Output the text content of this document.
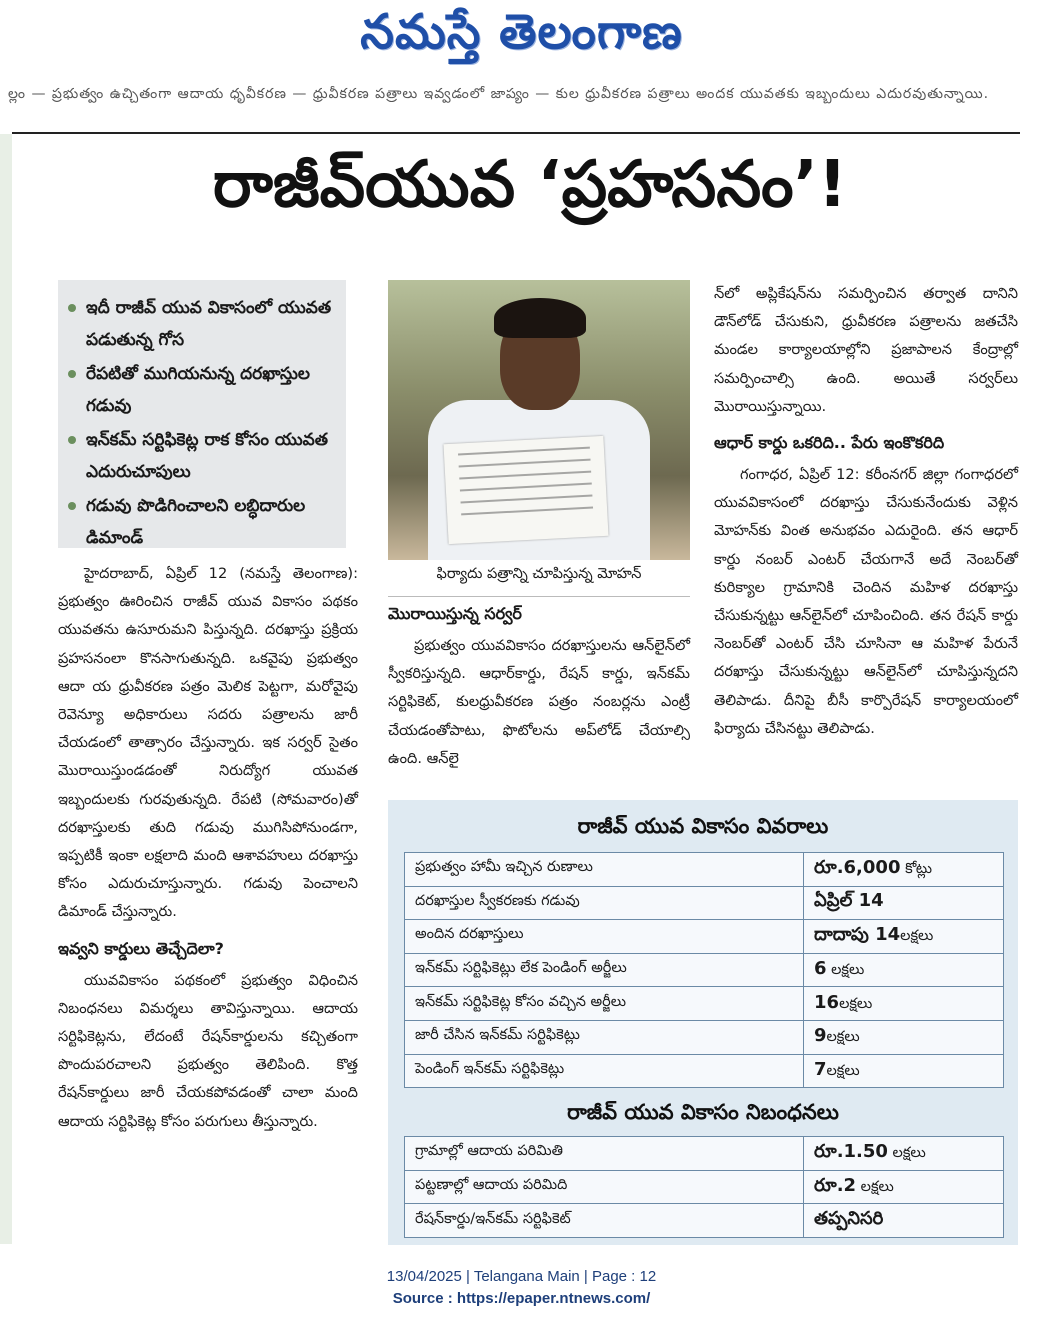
నమస్తే తెలంగాణ
ల్లం — ప్రభుత్వం ఉచ్చితంగా ఆదాయ ధృవీకరణ — ధ్రువీకరణ పత్రాలు ఇవ్వడంలో జాప్యం — కుల ధ్రువీకరణ పత్రాలు అందక యువతకు ఇబ్బందులు ఎదురవుతున్నాయి.
రాజీవ్‌యువ ‘ప్రహసనం’!
ఇదీ రాజీవ్ యువ వికాసంలో యువత పడుతున్న గోస
రేపటితో ముగియనున్న దరఖాస్తుల గడువు
ఇన్‌కమ్ సర్టిఫికెట్ల రాక కోసం యువత ఎదురుచూపులు
గడువు పొడిగించాలని లబ్ధిదారుల డిమాండ్

హైదరాబాద్, ఏప్రిల్ 12 (నమస్తే తెలంగాణ): ప్రభుత్వం ఊరించిన రాజీవ్ యువ వికాసం పథకం యువతను ఉసూరుమని పిస్తున్నది. దరఖాస్తు ప్రక్రియ ప్రహసనంలా కొనసాగుతున్నది. ఒకవైపు ప్రభుత్వం ఆదా య ధ్రువీకరణ పత్రం మెలిక పెట్టగా, మరోవైపు రెవెన్యూ అధికారులు సదరు పత్రాలను జారీ చేయడంలో తాత్సారం చేస్తున్నారు. ఇక సర్వర్ సైతం మొరాయిస్తుండడంతో నిరుద్యోగ యువత ఇబ్బందులకు గురవుతున్నది. రేపటి (సోమవారం)తో దరఖాస్తులకు తుది గడువు ముగిసిపోనుండగా, ఇప్పటికీ ఇంకా లక్షలాది మంది ఆశావహులు దరఖాస్తు కోసం ఎదురుచూస్తున్నారు. గడువు పెంచాలని డిమాండ్ చేస్తున్నారు.

ఇవ్వని కార్డులు తెచ్చేదెలా?

యువవికాసం పథకంలో ప్రభుత్వం విధించిన నిబంధనలు విమర్శలు తావిస్తున్నాయి. ఆదాయ సర్టిఫికెట్లను, లేదంటే రేషన్‌కార్డులను కచ్చితంగా పొందుపరచాలని ప్రభుత్వం తెలిపింది. కొత్త రేషన్‌కార్డులు జారీ చేయకపోవడంతో చాలా మంది ఆదాయ సర్టిఫికెట్ల కోసం పరుగులు తీస్తున్నారు.

ఫిర్యాదు పత్రాన్ని చూపిస్తున్న మోహన్
మొరాయిస్తున్న సర్వర్

ప్రభుత్వం యువవికాసం దరఖాస్తులను ఆన్‌లైన్‌లో స్వీకరిస్తున్నది. ఆధార్‌కార్డు, రేషన్ కార్డు, ఇన్‌కమ్ సర్టిఫికెట్, కులధ్రువీకరణ పత్రం నంబర్లను ఎంట్రీ చేయడంతోపాటు, ఫొటోలను అప్‌లోడ్ చేయాల్సి ఉంది. ఆన్‌లై

న్‌లో అప్లికేషన్‌ను సమర్పించిన తర్వాత దానిని డౌన్‌లోడ్ చేసుకుని, ధ్రువీకరణ పత్రాలను జతచేసి మండల కార్యాలయాల్లోని ప్రజాపాలన కేంద్రాల్లో సమర్పించాల్సి ఉంది. అయితే సర్వర్‌లు మొరాయిస్తున్నాయి.

ఆధార్ కార్డు ఒకరిది.. పేరు ఇంకొకరిది

గంగాధర, ఏప్రిల్ 12: కరీంనగర్ జిల్లా గంగాధరలో యువవికాసంలో దరఖాస్తు చేసుకునేందుకు వెళ్లిన మోహన్‌కు వింత అనుభవం ఎదురైంది. తన ఆధార్ కార్డు నంబర్ ఎంటర్ చేయగానే అదే నెంబర్‌తో కురిక్యాల గ్రామానికి చెందిన మహిళ దరఖాస్తు చేసుకున్నట్టు ఆన్‌లైన్‌లో చూపించింది. తన రేషన్ కార్డు నెంబర్‌తో ఎంటర్ చేసి చూసినా ఆ మహిళ పేరునే దరఖాస్తు చేసుకున్నట్టు ఆన్‌లైన్‌లో చూపిస్తున్నదని తెలిపాడు. దీనిపై బీసీ కార్పొరేషన్ కార్యాలయంలో ఫిర్యాదు చేసినట్టు తెలిపాడు.

రాజీవ్ యువ వికాసం వివరాలు
ప్రభుత్వం హామీ ఇచ్చిన రుణాలు	రూ.6,000 కోట్లు
దరఖాస్తుల స్వీకరణకు గడువు	ఏప్రిల్ 14
అందిన దరఖాస్తులు	దాదాపు 14లక్షలు
ఇన్‌కమ్ సర్టిఫికెట్లు లేక పెండింగ్ అర్జీలు	6 లక్షలు
ఇన్‌కమ్ సర్టిఫికెట్ల కోసం వచ్చిన అర్జీలు	16లక్షలు
జారీ చేసిన ఇన్‌కమ్ సర్టిఫికెట్లు	9లక్షలు
పెండింగ్ ఇన్‌కమ్ సర్టిఫికెట్లు	7లక్షలు
రాజీవ్ యువ వికాసం నిబంధనలు
గ్రామాల్లో ఆదాయ పరిమితి	రూ.1.50 లక్షలు
పట్టణాల్లో ఆదాయ పరిమిది	రూ.2 లక్షలు
రేషన్‌కార్డు/ఇన్‌కమ్ సర్టిఫికెట్	తప్పనిసరి
13/04/2025 | Telangana Main | Page : 12
Source : https://epaper.ntnews.com/
